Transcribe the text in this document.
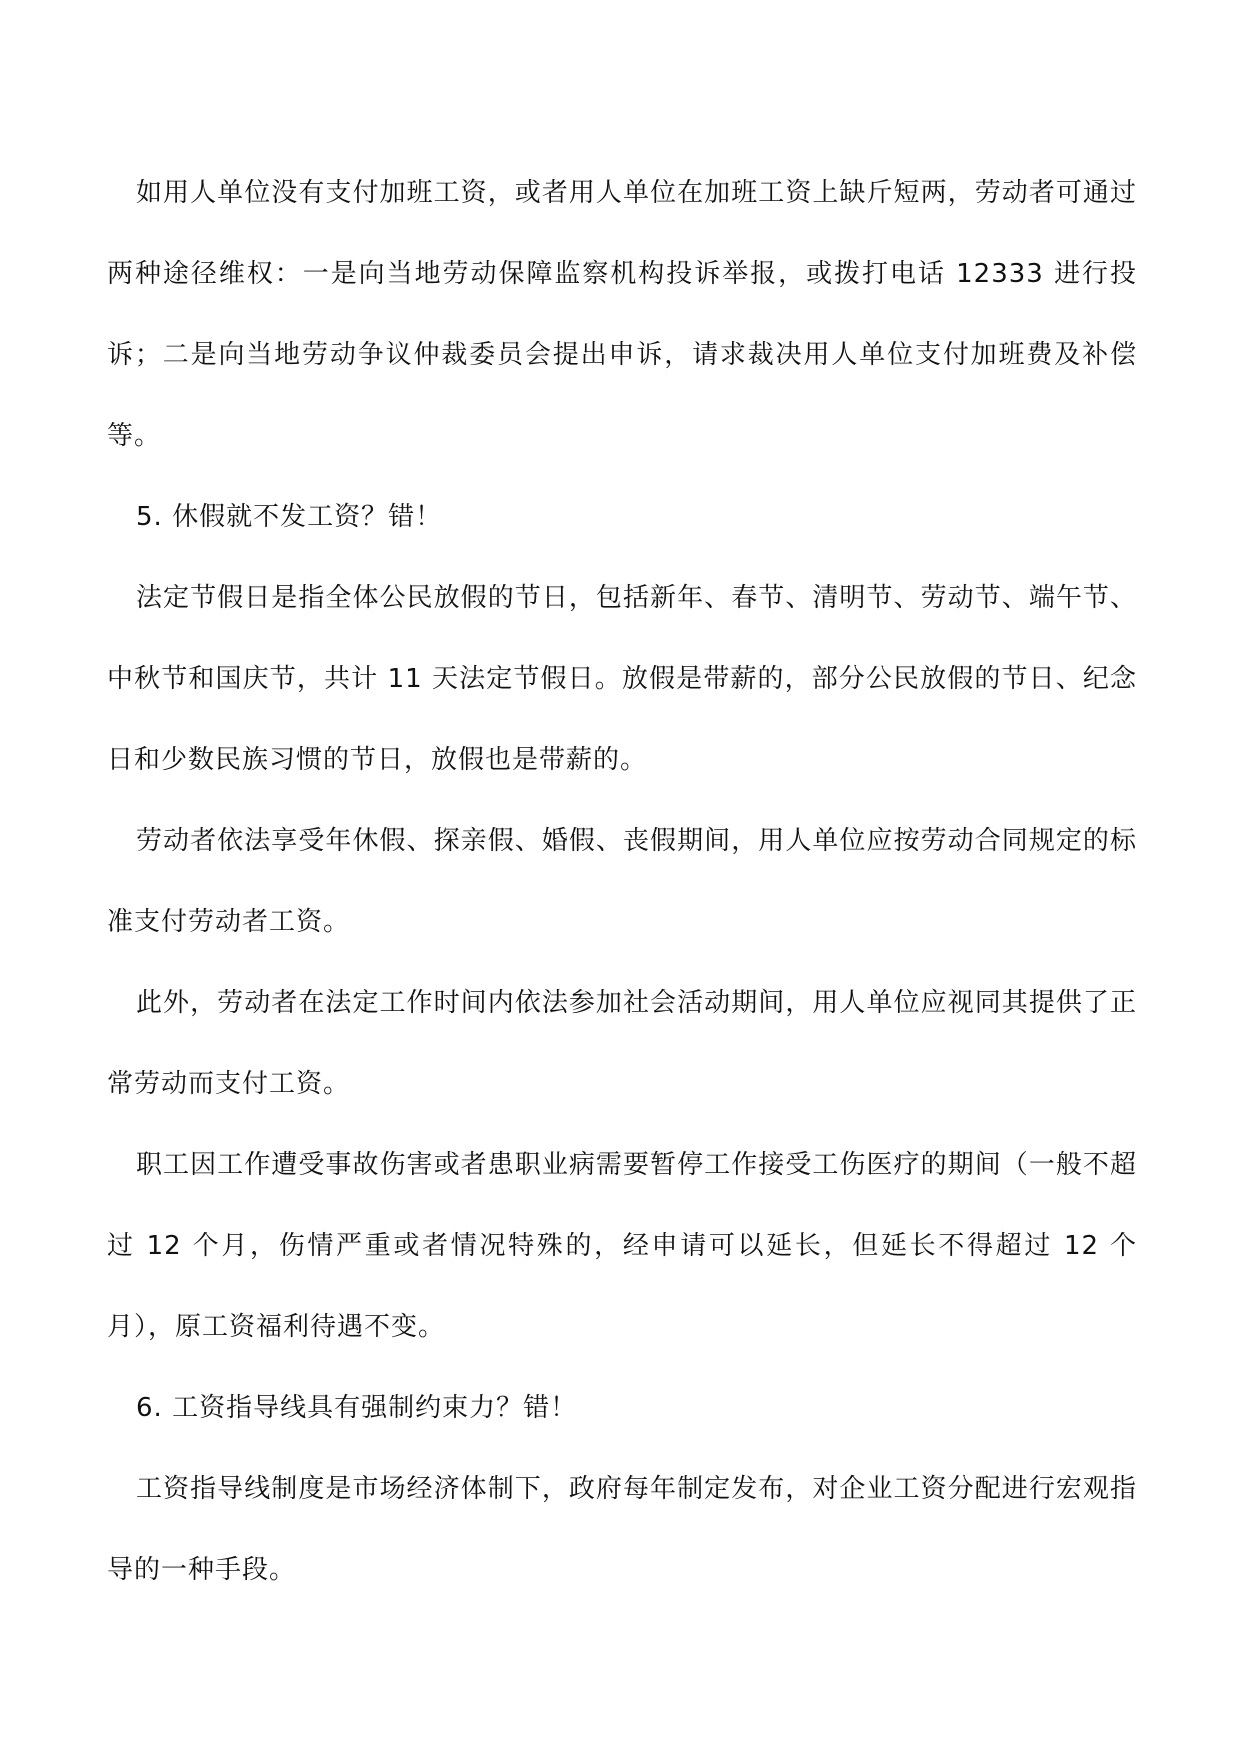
如用人单位没有支付加班工资，或者用人单位在加班工资上缺斤短两，劳动者可通过两种途径维权：一是向当地劳动保障监察机构投诉举报，或拨打电话 12333 进行投诉；二是向当地劳动争议仲裁委员会提出申诉，请求裁决用人单位支付加班费及补偿等。

5. 休假就不发工资？错！

法定节假日是指全体公民放假的节日，包括新年、春节、清明节、劳动节、端午节、中秋节和国庆节，共计 11 天法定节假日。放假是带薪的，部分公民放假的节日、纪念日和少数民族习惯的节日，放假也是带薪的。

劳动者依法享受年休假、探亲假、婚假、丧假期间，用人单位应按劳动合同规定的标准支付劳动者工资。

此外，劳动者在法定工作时间内依法参加社会活动期间，用人单位应视同其提供了正常劳动而支付工资。

职工因工作遭受事故伤害或者患职业病需要暂停工作接受工伤医疗的期间（一般不超过 12 个月，伤情严重或者情况特殊的，经申请可以延长，但延长不得超过 12 个月），原工资福利待遇不变。

6. 工资指导线具有强制约束力？错！

工资指导线制度是市场经济体制下，政府每年制定发布，对企业工资分配进行宏观指导的一种手段。
